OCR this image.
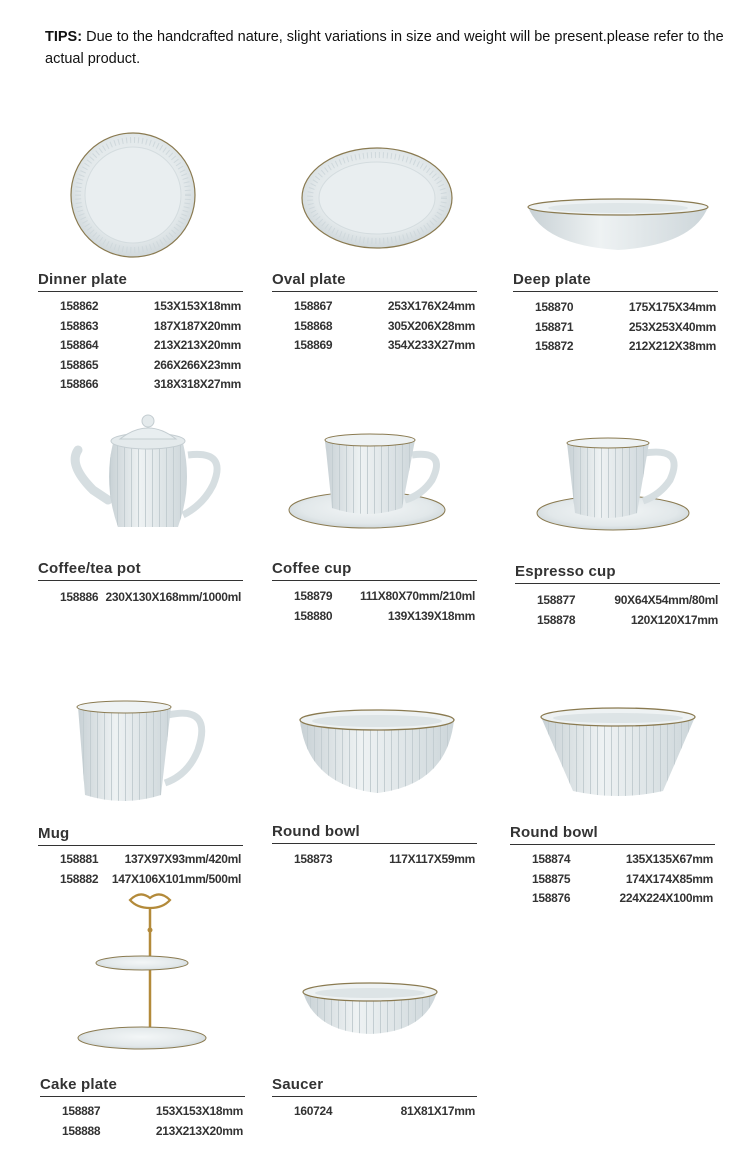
TIPS: Due to the handcrafted nature, slight variations in size and weight will be present.please refer to the actual product.
Dinner plate
158862	153X153X18mm
158863	187X187X20mm
158864	213X213X20mm
158865	266X266X23mm
158866	318X318X27mm
Oval plate
158867	253X176X24mm
158868	305X206X28mm
158869	354X233X27mm
Deep plate
158870	175X175X34mm
158871	253X253X40mm
158872	212X212X38mm
Coffee/tea pot
158886 230X130X168mm/1000ml
Coffee cup
158879 111X80X70mm/210ml
158880	139X139X18mm
Espresso cup
158877	90X64X54mm/80ml
158878	120X120X17mm
Mug
158881 137X97X93mm/420ml
158882 147X106X101mm/500ml
Round bowl
158873	117X117X59mm
Round bowl
158874	135X135X67mm
158875	174X174X85mm
158876	224X224X100mm
Cake plate
158887	153X153X18mm
158888	213X213X20mm
Saucer
160724	81X81X17mm
